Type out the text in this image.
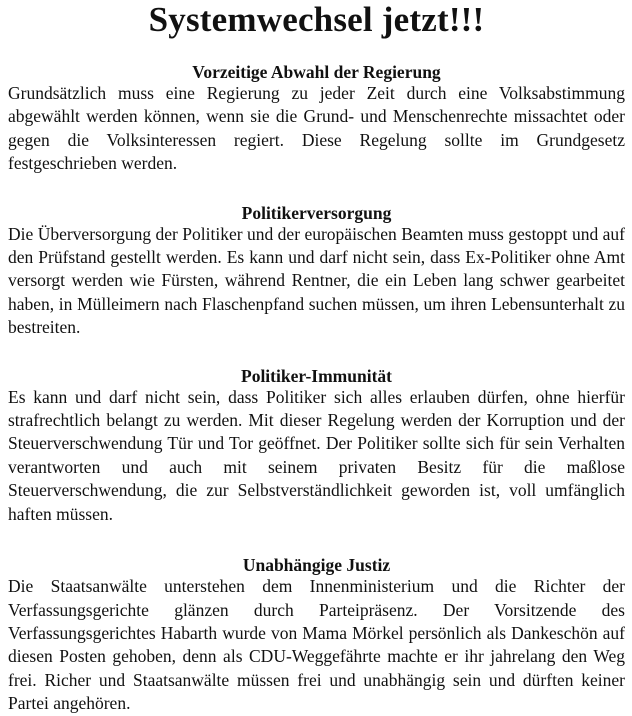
Systemwechsel jetzt!!!
Vorzeitige Abwahl der Regierung

Grundsätzlich muss eine Regierung zu jeder Zeit durch eine Volksabstimmung abgewählt werden können, wenn sie die Grund- und Menschenrechte missachtet oder gegen die Volksinteressen regiert. Diese Regelung sollte im Grundgesetz festgeschrieben werden.

Politikerversorgung

Die Überversorgung der Politiker und der europäischen Beamten muss gestoppt und auf den Prüfstand gestellt werden. Es kann und darf nicht sein, dass Ex-Politiker ohne Amt versorgt werden wie Fürsten, während Rentner, die ein Leben lang schwer gearbeitet haben, in Mülleimern nach Flaschenpfand suchen müssen, um ihren Lebensunterhalt zu bestreiten.

Politiker-Immunität

Es kann und darf nicht sein, dass Politiker sich alles erlauben dürfen, ohne hierfür strafrechtlich belangt zu werden. Mit dieser Regelung werden der Korruption und der Steuerverschwendung Tür und Tor geöffnet. Der Politiker sollte sich für sein Verhalten verantworten und auch mit seinem privaten Besitz für die maßlose Steuerverschwendung, die zur Selbstverständlichkeit geworden ist, voll umfänglich haften müssen.

Unabhängige Justiz

Die Staatsanwälte unterstehen dem Innenministerium und die Richter der Verfassungsgerichte glänzen durch Parteipräsenz. Der Vorsitzende des Verfassungsgerichtes Habarth wurde von Mama Mörkel persönlich als Dankeschön auf diesen Posten gehoben, denn als CDU-Weggefährte machte er ihr jahrelang den Weg frei. Richer und Staatsanwälte müssen frei und unabhängig sein und dürften keiner Partei angehören.
